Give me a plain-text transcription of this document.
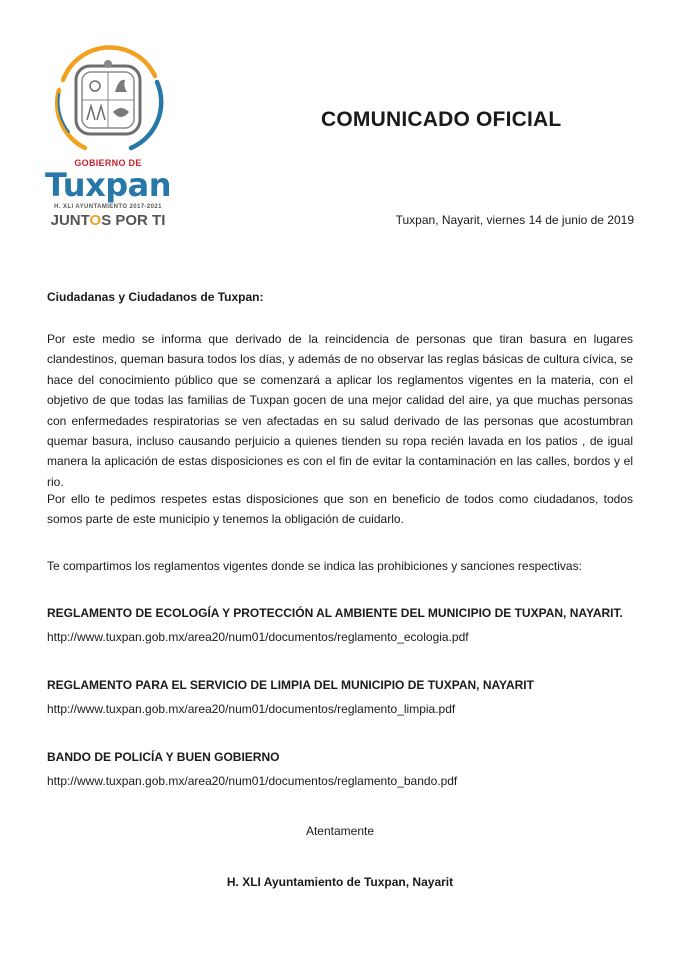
GOBIERNO DE
Tuxpan
H. XLI AYUNTAMIENTO 2017-2021
JUNTOS POR TI
COMUNICADO OFICIAL
Tuxpan, Nayarit, viernes 14 de junio de 2019

Ciudadanas y Ciudadanos de Tuxpan:

Por este medio se informa que derivado de la reincidencia de personas que tiran basura en lugares clandestinos, queman basura todos los días, y además de no observar las reglas básicas de cultura cívica, se hace del conocimiento público que se comenzará a aplicar los reglamentos vigentes en la materia, con el objetivo de que todas las familias de Tuxpan gocen de una mejor calidad del aire, ya que muchas personas con enfermedades respiratorias se ven afectadas en su salud derivado de las personas que acostumbran quemar basura, incluso causando perjuicio a quienes tienden su ropa recién lavada en los patios , de igual manera la aplicación de estas disposiciones es con el fin de evitar la contaminación en las calles, bordos y el rio.

Por ello te pedimos respetes estas disposiciones que son en beneficio de todos como ciudadanos, todos somos parte de este municipio y tenemos la obligación de cuidarlo.

Te compartimos los reglamentos vigentes donde se indica las prohibiciones y sanciones respectivas:

REGLAMENTO DE ECOLOGÍA Y PROTECCIÓN AL AMBIENTE DEL MUNICIPIO DE TUXPAN, NAYARIT.

http://www.tuxpan.gob.mx/area20/num01/documentos/reglamento_ecologia.pdf

REGLAMENTO PARA EL SERVICIO DE LIMPIA DEL MUNICIPIO DE TUXPAN, NAYARIT

http://www.tuxpan.gob.mx/area20/num01/documentos/reglamento_limpia.pdf

BANDO DE POLICÍA Y BUEN GOBIERNO

http://www.tuxpan.gob.mx/area20/num01/documentos/reglamento_bando.pdf

Atentamente

H. XLI Ayuntamiento de Tuxpan, Nayarit
